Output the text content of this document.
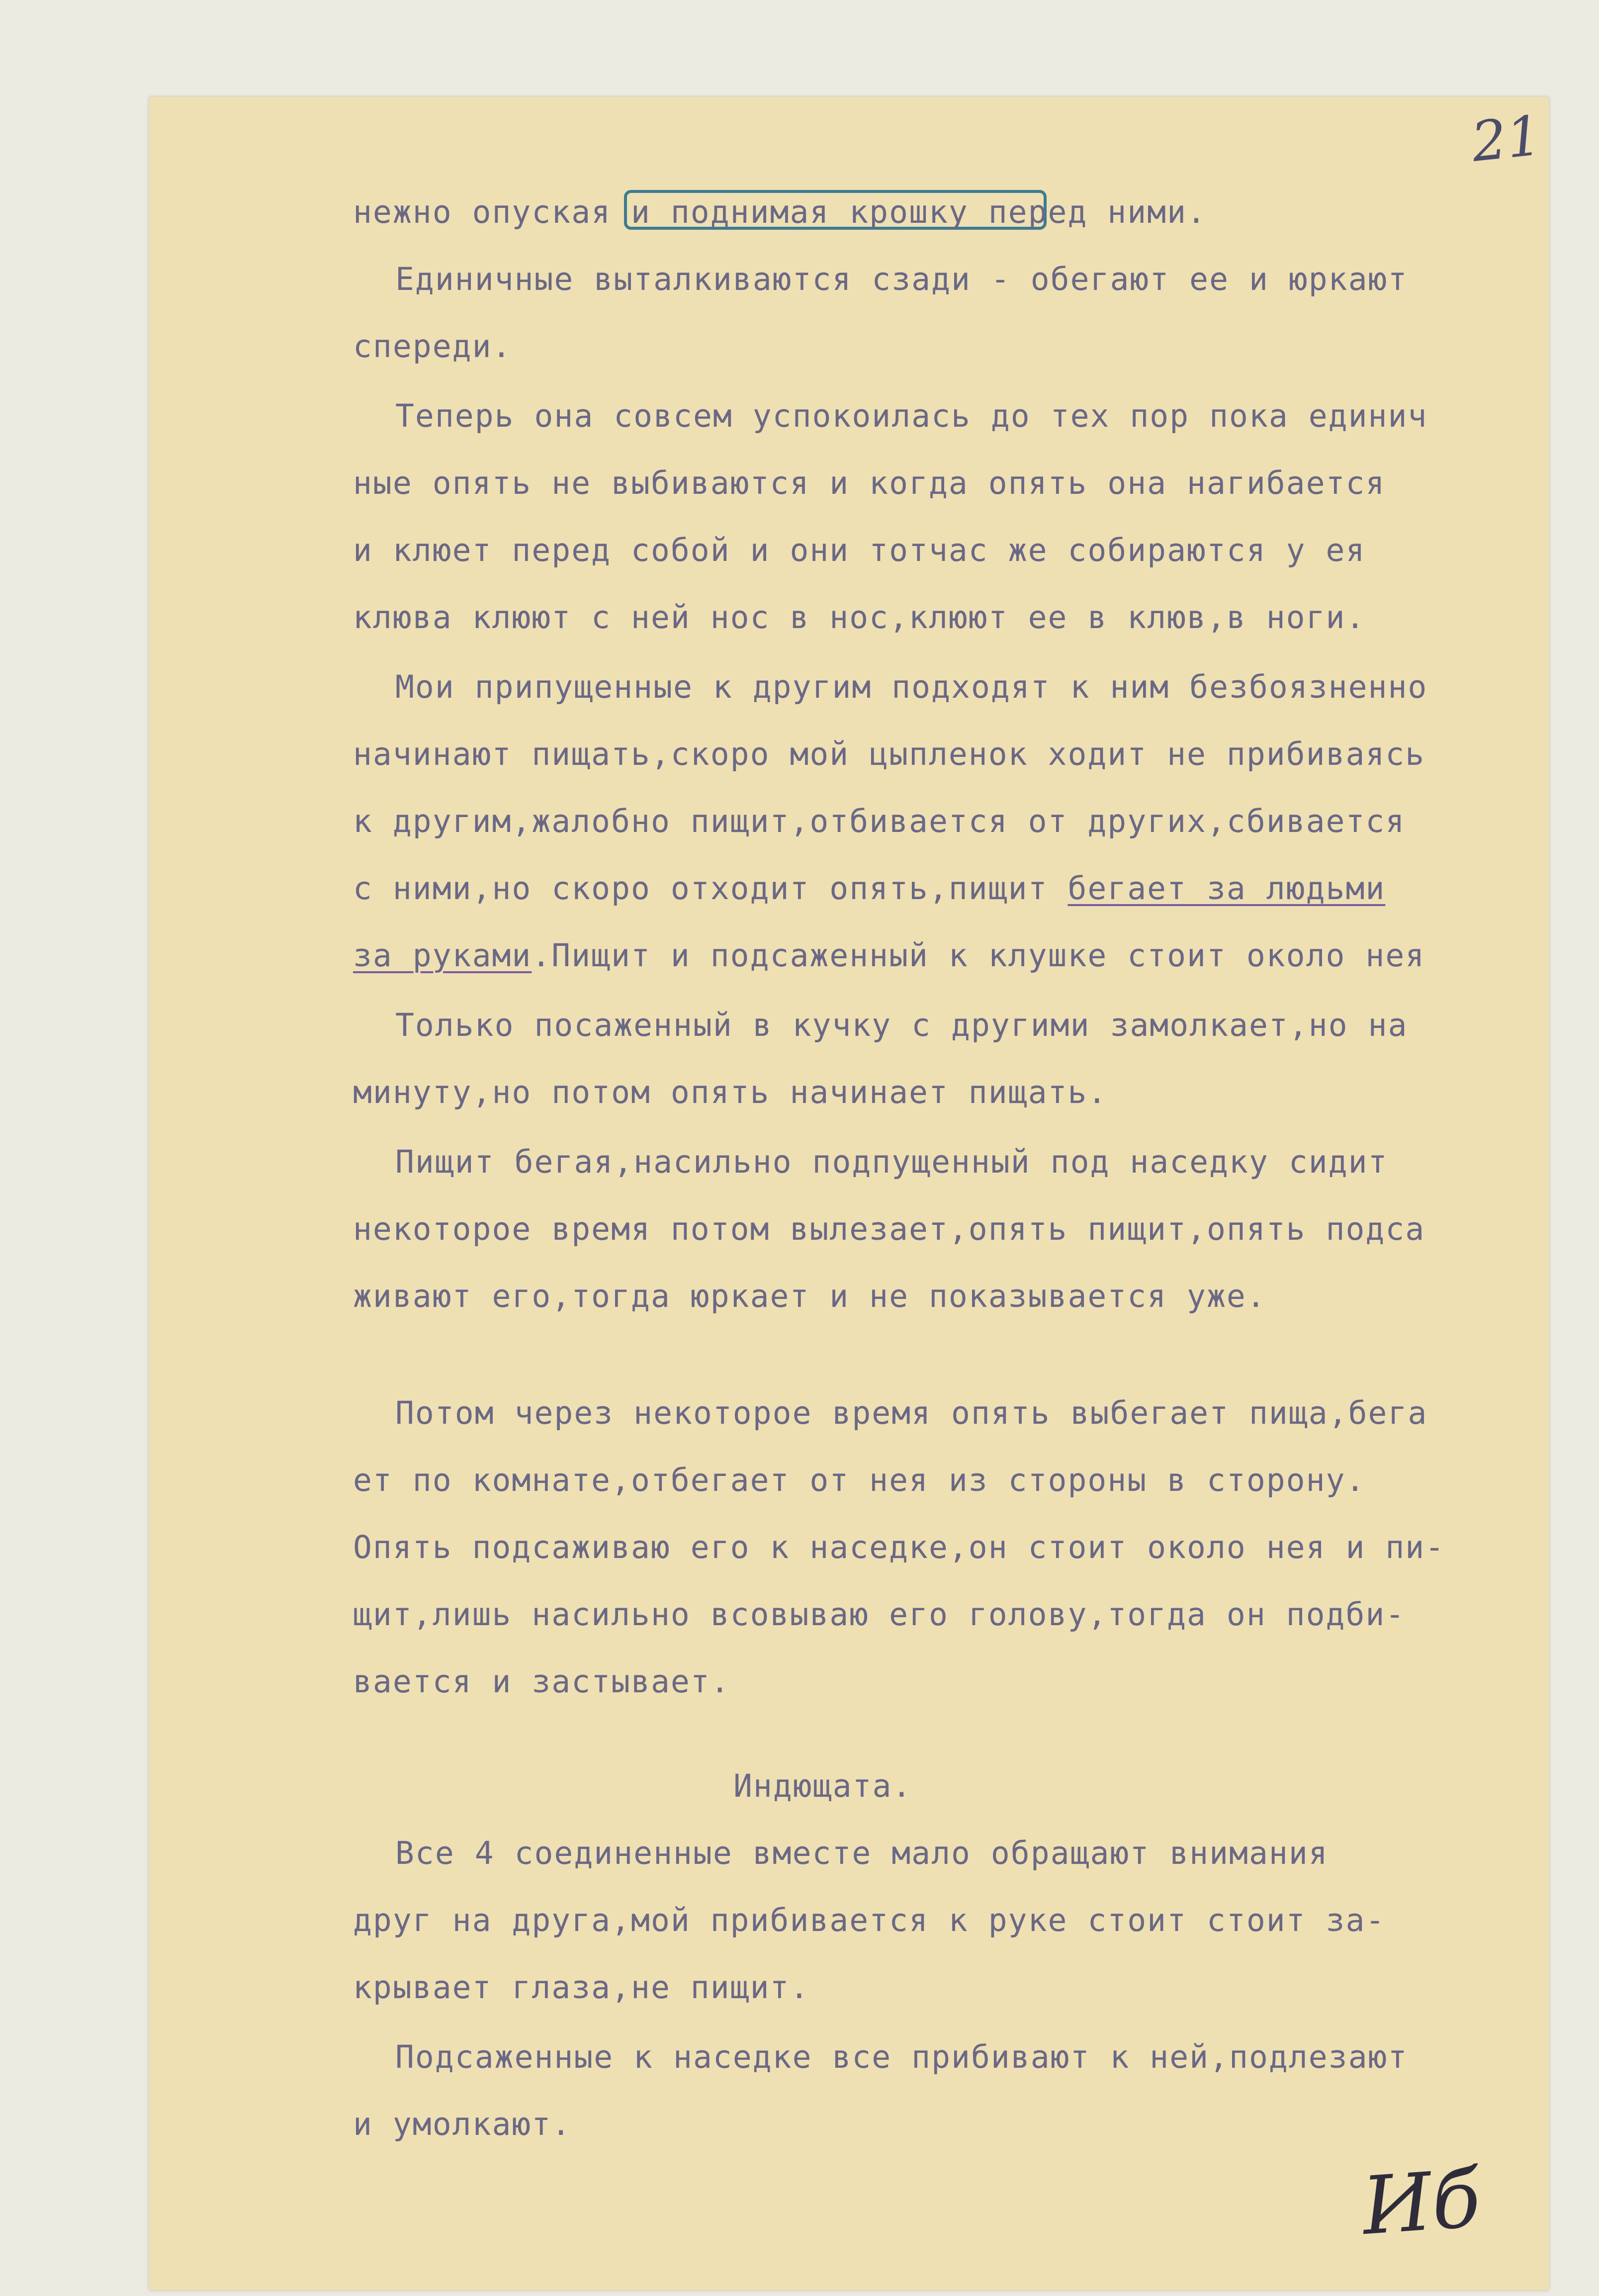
21
нежно опуская и поднимая крошку перед ними.
Единичные выталкиваются сзади - обегают ее и юркают
спереди.
Теперь она совсем успокоилась до тех пор пока единич
ные опять не выбиваются и когда опять она нагибается
и клюет перед собой и они тотчас же собираются у ея
клюва клюют с ней нос в нос,клюют ее в клюв,в ноги.
Мои припущенные к другим подходят к ним безбоязненно
начинают пищать,скоро мой цыпленок ходит не прибиваясь
к другим,жалобно пищит,отбивается от других,сбивается
с ними,но скоро отходит опять,пищит бегает за людьми
за руками.Пищит и подсаженный к клушке стоит около нея
Только посаженный в кучку с другими замолкает,но на
минуту,но потом опять начинает пищать.
Пищит бегая,насильно подпущенный под наседку сидит
некоторое время потом вылезает,опять пищит,опять подса
живают его,тогда юркает и не показывается уже.
Потом через некоторое время опять выбегает пища,бега
ет по комнате,отбегает от нея из стороны в сторону.
Опять подсаживаю его к наседке,он стоит около нея и пи-
щит,лишь насильно всовываю его голову,тогда он подби-
вается и застывает.
Индющата.
Все 4 соединенные вместе мало обращают внимания
друг на друга,мой прибивается к руке стоит стоит за-
крывает глаза,не пищит.
Подсаженные к наседке все прибивают к ней,подлезают
и умолкают.
Иб
